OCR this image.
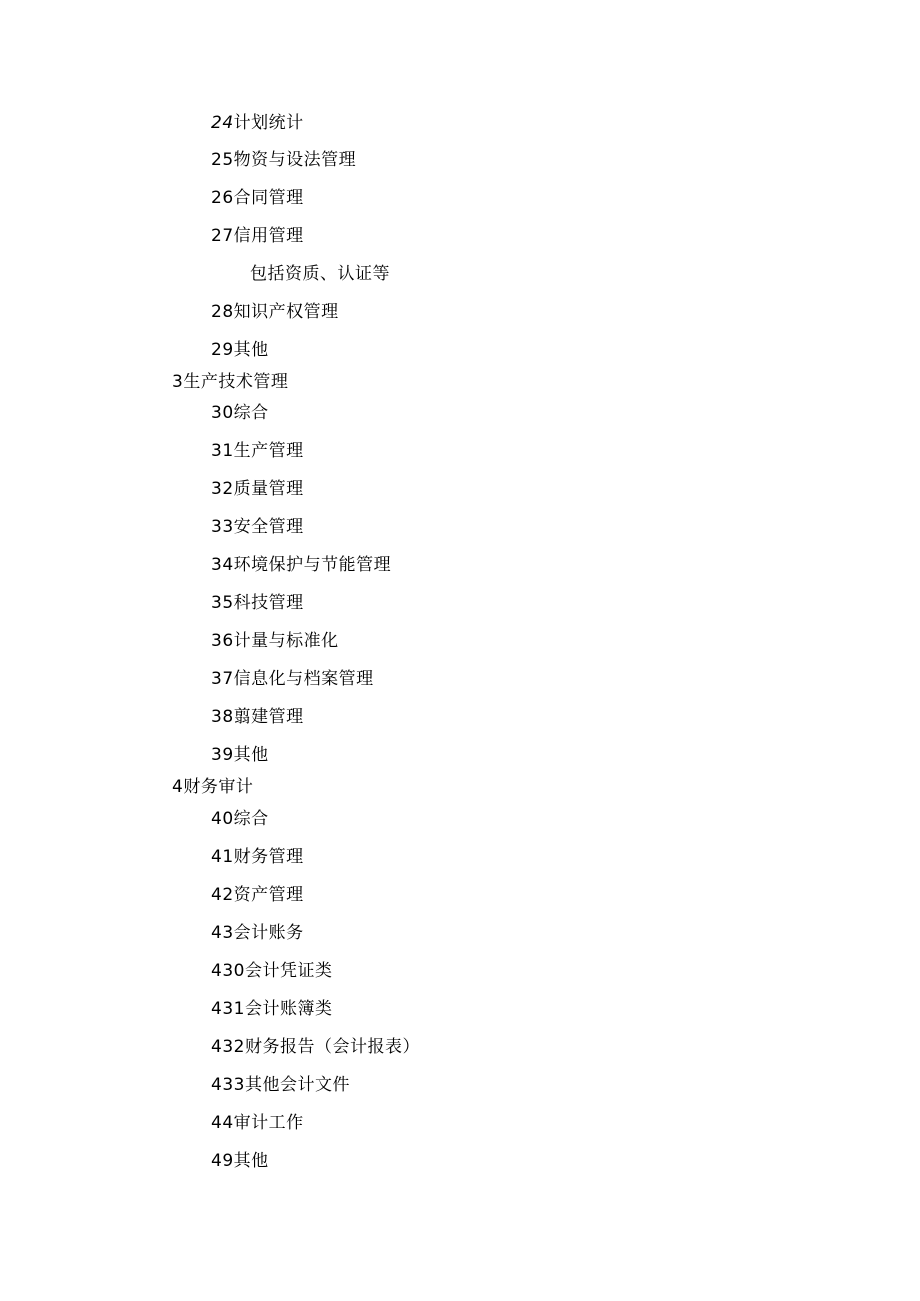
24计划统计
25物资与设法管理
26合同管理
27信用管理
包括资质、认证等
28知识产权管理
29其他
3生产技术管理
30综合
31生产管理
32质量管理
33安全管理
34环境保护与节能管理
35科技管理
36计量与标准化
37信息化与档案管理
38翦建管理
39其他
4财务审计
40综合
41财务管理
42资产管理
43会计账务
430会计凭证类
431会计账簿类
432财务报告（会计报表）
433其他会计文件
44审计工作
49其他
